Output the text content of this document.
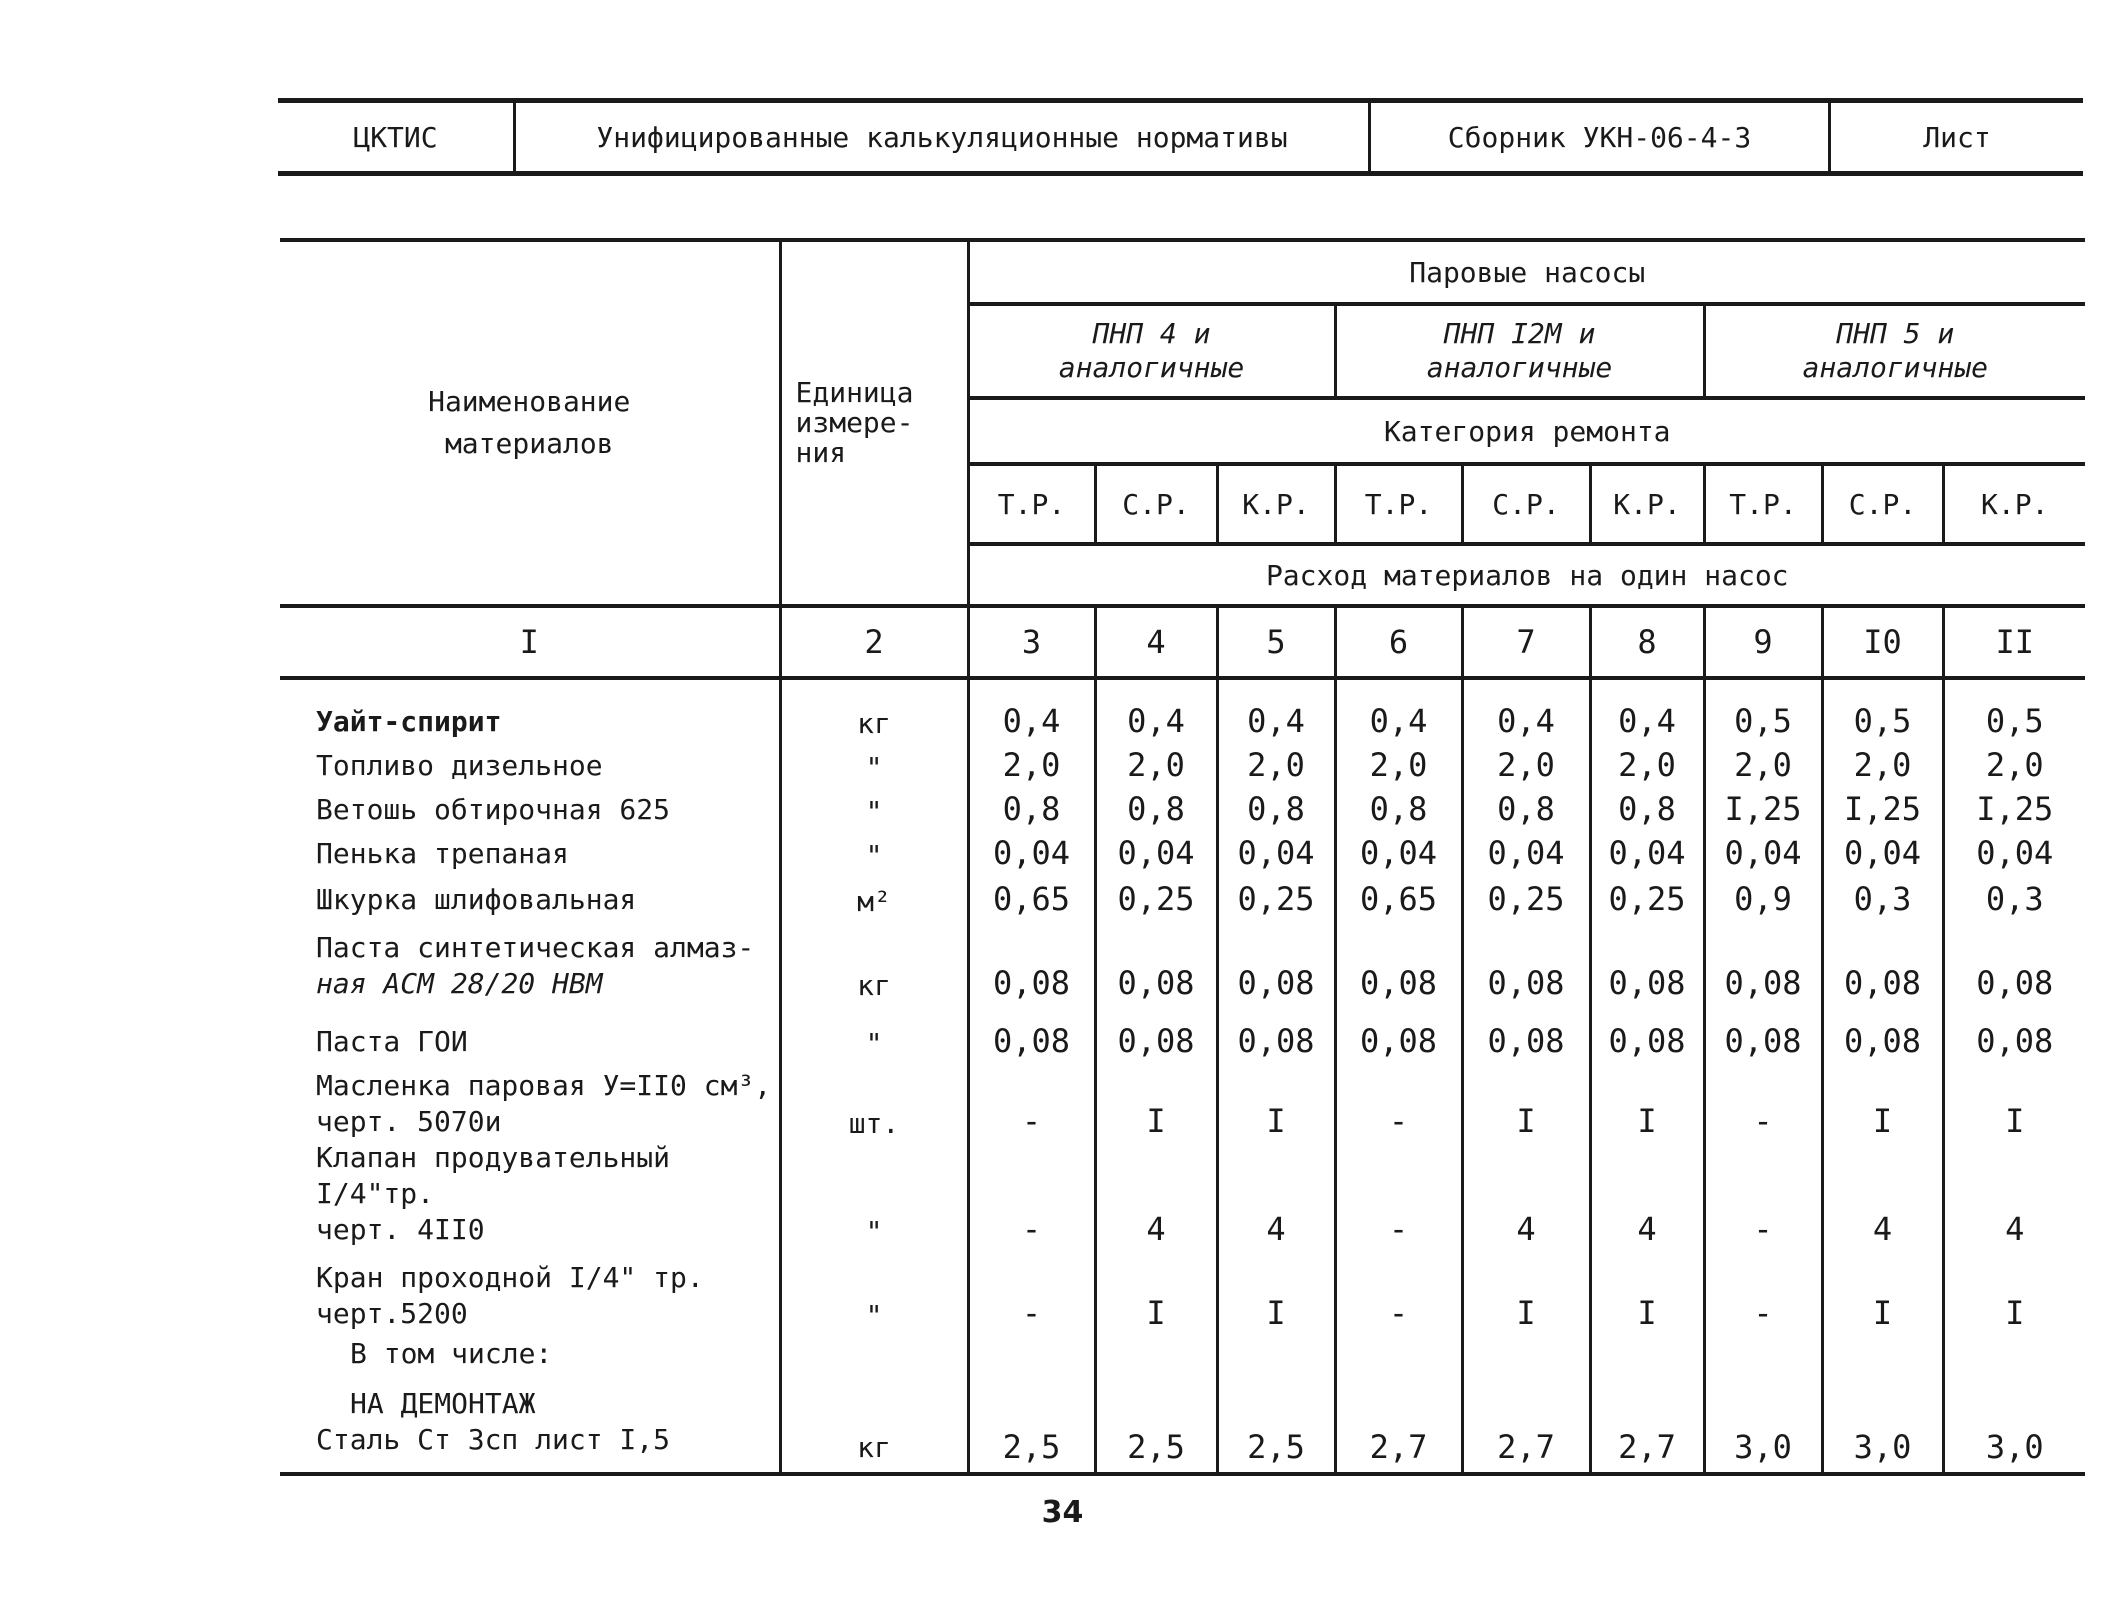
ЦКТИС	Унифицированные калькуляционные нормативы	Сборник УКН-06-4-3	Лист
Наименование материалов	Единица измере-ния	Паровые насосы								
		ПНП 4 и аналогичные			ПНП I2М и аналогичные			ПНП 5 и аналогичные		
		Категория ремонта								
		Т.Р.	С.Р.	К.Р.	Т.Р.	С.Р.	К.Р.	Т.Р.	С.Р.	К.Р.
		Расход материалов на один насос								
I	2	3	4	5	6	7	8	9	I0	II
Уайт-спирит	кг	0,4	0,4	0,4	0,4	0,4	0,4	0,5	0,5	0,5
Топливо дизельное	"	2,0	2,0	2,0	2,0	2,0	2,0	2,0	2,0	2,0
Ветошь обтирочная 625	"	0,8	0,8	0,8	0,8	0,8	0,8	I,25	I,25	I,25
Пенька трепаная	"	0,04	0,04	0,04	0,04	0,04	0,04	0,04	0,04	0,04
Шкурка шлифовальная	м²	0,65	0,25	0,25	0,65	0,25	0,25	0,9	0,3	0,3

Паста синтетическая алмаз-
ная АСМ 28/20 НВМ	кг	0,08	0,08	0,08	0,08	0,08	0,08	0,08	0,08	0,08
Паста ГОИ	"	0,08	0,08	0,08	0,08	0,08	0,08	0,08	0,08	0,08

Масленка паровая У=II0 см³,
черт. 5070и	шт.	-	I	I	-	I	I	-	I	I

Клапан продувательный I/4"тр.
черт. 4II0	"	-	4	4	-	4	4	-	4	4

Кран проходной I/4" тр.
черт.5200	"	-	I	I	-	I	I	-	I	I
В том числе:										
НА ДЕМОНТАЖ										
Сталь Ст 3сп лист I,5	кг	2,5	2,5	2,5	2,7	2,7	2,7	3,0	3,0	3,0
34
